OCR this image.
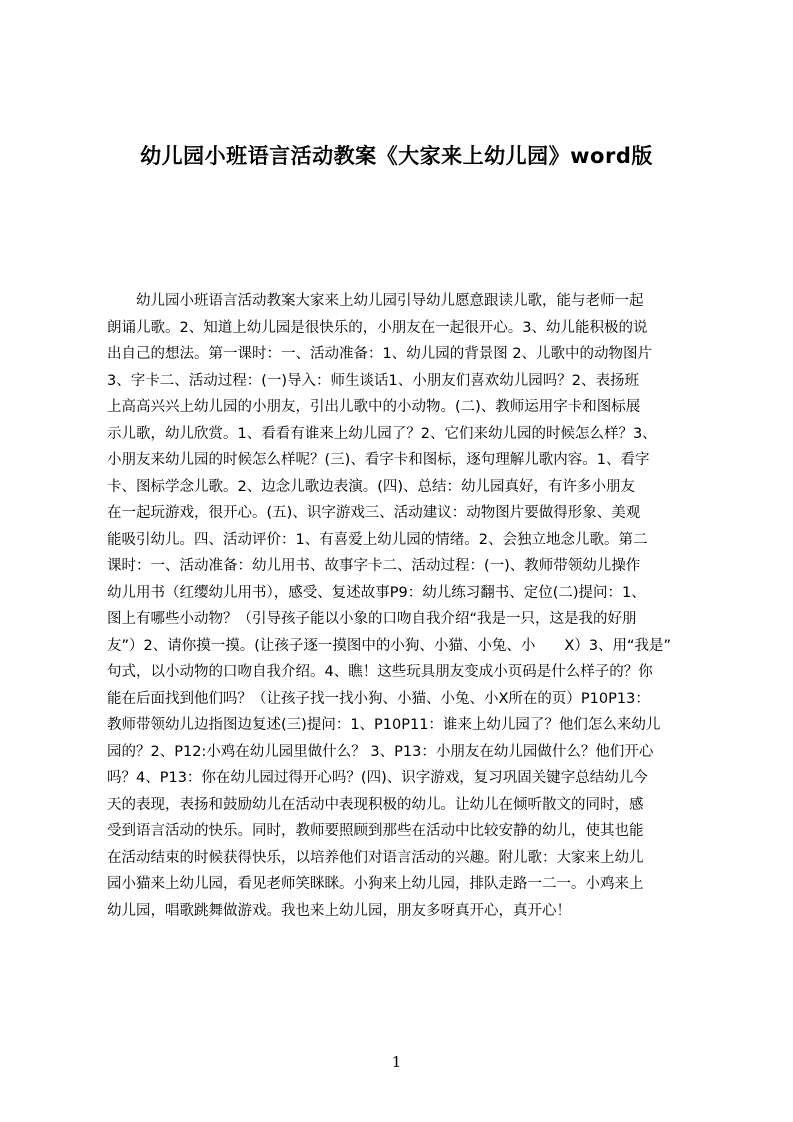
幼儿园小班语言活动教案《大家来上幼儿园》word版
　　幼儿园小班语言活动教案大家来上幼儿园引导幼儿愿意跟读儿歌，能与老师一起
朗诵儿歌。2、知道上幼儿园是很快乐的，小朋友在一起很开心。3、幼儿能积极的说
出自己的想法。第一课时：一、活动准备：1、幼儿园的背景图 2、儿歌中的动物图片
3、字卡二、活动过程：(一)导入：师生谈话1、小朋友们喜欢幼儿园吗？2、表扬班
上高高兴兴上幼儿园的小朋友，引出儿歌中的小动物。(二)、教师运用字卡和图标展
示儿歌，幼儿欣赏。1、看看有谁来上幼儿园了？2、它们来幼儿园的时候怎么样？3、
小朋友来幼儿园的时候怎么样呢？(三)、看字卡和图标，逐句理解儿歌内容。1、看字
卡、图标学念儿歌。2、边念儿歌边表演。(四)、总结：幼儿园真好，有许多小朋友
在一起玩游戏，很开心。(五)、识字游戏三、活动建议：动物图片要做得形象、美观
能吸引幼儿。四、活动评价：1、有喜爱上幼儿园的情绪。2、会独立地念儿歌。第二
课时：一、活动准备：幼儿用书、故事字卡二、活动过程：(一)、教师带领幼儿操作
幼儿用书（红缨幼儿用书），感受、复述故事P9：幼儿练习翻书、定位(二)提问：1、
图上有哪些小动物？（引导孩子能以小象的口吻自我介绍“我是一只，这是我的好朋
友”）2、请你摸一摸。(让孩子逐一摸图中的小狗、小猫、小兔、小　　X）3、用“我是”
句式，以小动物的口吻自我介绍。4、瞧！这些玩具朋友变成小页码是什么样子的？你
能在后面找到他们吗？（让孩子找一找小狗、小猫、小兔、小X所在的页）P10P13：
教师带领幼儿边指图边复述(三)提问：1、P10P11：谁来上幼儿园了？他们怎么来幼儿
园的？2、P12:小鸡在幼儿园里做什么？ 3、P13：小朋友在幼儿园做什么？他们开心
吗？4、P13：你在幼儿园过得开心吗？(四)、识字游戏，复习巩固关键字总结幼儿今
天的表现，表扬和鼓励幼儿在活动中表现积极的幼儿。让幼儿在倾听散文的同时，感
受到语言活动的快乐。同时，教师要照顾到那些在活动中比较安静的幼儿，使其也能
在活动结束的时候获得快乐，以培养他们对语言活动的兴趣。附儿歌：大家来上幼儿
园小猫来上幼儿园，看见老师笑眯眯。小狗来上幼儿园，排队走路一二一。小鸡来上
幼儿园，唱歌跳舞做游戏。我也来上幼儿园，朋友多呀真开心，真开心！
1
